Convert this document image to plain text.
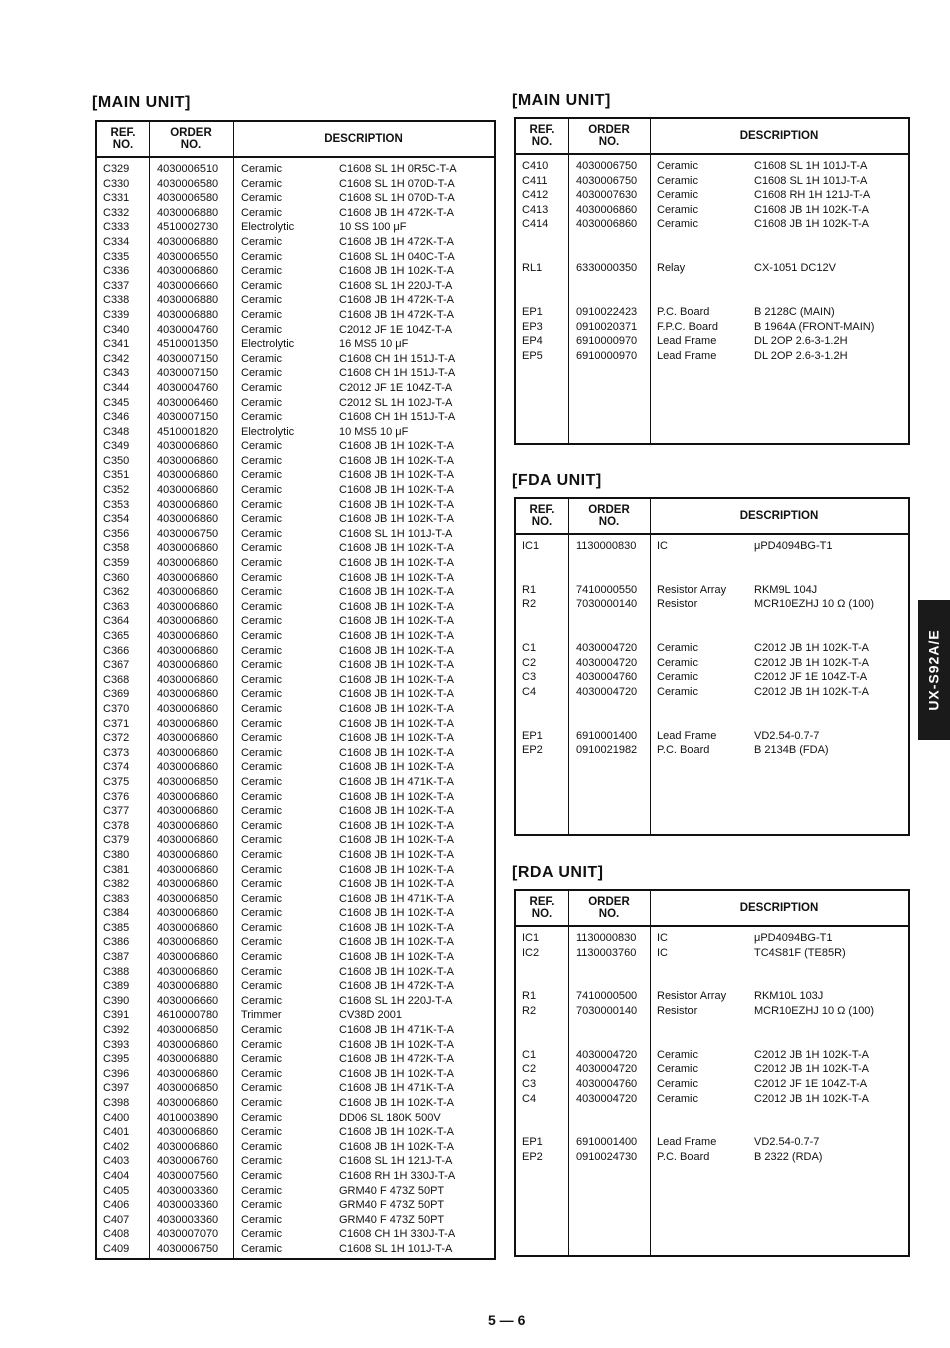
[MAIN UNIT]
REF.
NO.
ORDER
NO.	DESCRIPTION
C329	4030006510 Ceramic	C1608 SL 1H 0R5C-T-A
C330	4030006580 Ceramic	C1608 SL 1H 070D-T-A
C331	4030006580 Ceramic	C1608 SL 1H 070D-T-A
C332	4030006880 Ceramic	C1608 JB 1H 472K-T-A
C333	4510002730 Electrolytic	10 SS 100 μF
C334	4030006880 Ceramic	C1608 JB 1H 472K-T-A
C335	4030006550 Ceramic	C1608 SL 1H 040C-T-A
C336	4030006860 Ceramic	C1608 JB 1H 102K-T-A
C337	4030006660 Ceramic	C1608 SL 1H 220J-T-A
C338	4030006880 Ceramic	C1608 JB 1H 472K-T-A
C339	4030006880 Ceramic	C1608 JB 1H 472K-T-A
C340	4030004760 Ceramic	C2012 JF 1E 104Z-T-A
C341	4510001350 Electrolytic	16 MS5 10 μF
C342	4030007150 Ceramic	C1608 CH 1H 151J-T-A
C343	4030007150 Ceramic	C1608 CH 1H 151J-T-A
C344	4030004760 Ceramic	C2012 JF 1E 104Z-T-A
C345	4030006460 Ceramic	C2012 SL 1H 102J-T-A
C346	4030007150 Ceramic	C1608 CH 1H 151J-T-A
C348	4510001820 Electrolytic	10 MS5 10 μF
C349	4030006860 Ceramic	C1608 JB 1H 102K-T-A
C350	4030006860 Ceramic	C1608 JB 1H 102K-T-A
C351	4030006860 Ceramic	C1608 JB 1H 102K-T-A
C352	4030006860 Ceramic	C1608 JB 1H 102K-T-A
C353	4030006860 Ceramic	C1608 JB 1H 102K-T-A
C354	4030006860 Ceramic	C1608 JB 1H 102K-T-A
C356	4030006750 Ceramic	C1608 SL 1H 101J-T-A
C358	4030006860 Ceramic	C1608 JB 1H 102K-T-A
C359	4030006860 Ceramic	C1608 JB 1H 102K-T-A
C360	4030006860 Ceramic	C1608 JB 1H 102K-T-A
C362	4030006860 Ceramic	C1608 JB 1H 102K-T-A
C363	4030006860 Ceramic	C1608 JB 1H 102K-T-A
C364	4030006860 Ceramic	C1608 JB 1H 102K-T-A
C365	4030006860 Ceramic	C1608 JB 1H 102K-T-A
C366	4030006860 Ceramic	C1608 JB 1H 102K-T-A
C367	4030006860 Ceramic	C1608 JB 1H 102K-T-A
C368	4030006860 Ceramic	C1608 JB 1H 102K-T-A
C369	4030006860 Ceramic	C1608 JB 1H 102K-T-A
C370	4030006860 Ceramic	C1608 JB 1H 102K-T-A
C371	4030006860 Ceramic	C1608 JB 1H 102K-T-A
C372	4030006860 Ceramic	C1608 JB 1H 102K-T-A
C373	4030006860 Ceramic	C1608 JB 1H 102K-T-A
C374	4030006860 Ceramic	C1608 JB 1H 102K-T-A
C375	4030006850 Ceramic	C1608 JB 1H 471K-T-A
C376	4030006860 Ceramic	C1608 JB 1H 102K-T-A
C377	4030006860 Ceramic	C1608 JB 1H 102K-T-A
C378	4030006860 Ceramic	C1608 JB 1H 102K-T-A
C379	4030006860 Ceramic	C1608 JB 1H 102K-T-A
C380	4030006860 Ceramic	C1608 JB 1H 102K-T-A
C381	4030006860 Ceramic	C1608 JB 1H 102K-T-A
C382	4030006860 Ceramic	C1608 JB 1H 102K-T-A
C383	4030006850 Ceramic	C1608 JB 1H 471K-T-A
C384	4030006860 Ceramic	C1608 JB 1H 102K-T-A
C385	4030006860 Ceramic	C1608 JB 1H 102K-T-A
C386	4030006860 Ceramic	C1608 JB 1H 102K-T-A
C387	4030006860 Ceramic	C1608 JB 1H 102K-T-A
C388	4030006860 Ceramic	C1608 JB 1H 102K-T-A
C389	4030006880 Ceramic	C1608 JB 1H 472K-T-A
C390	4030006660 Ceramic	C1608 SL 1H 220J-T-A
C391	4610000780 Trimmer	CV38D 2001
C392	4030006850 Ceramic	C1608 JB 1H 471K-T-A
C393	4030006860 Ceramic	C1608 JB 1H 102K-T-A
C395	4030006880 Ceramic	C1608 JB 1H 472K-T-A
C396	4030006860 Ceramic	C1608 JB 1H 102K-T-A
C397	4030006850 Ceramic	C1608 JB 1H 471K-T-A
C398	4030006860 Ceramic	C1608 JB 1H 102K-T-A
C400	4010003890 Ceramic	DD06 SL 180K 500V
C401	4030006860 Ceramic	C1608 JB 1H 102K-T-A
C402	4030006860 Ceramic	C1608 JB 1H 102K-T-A
C403	4030006760 Ceramic	C1608 SL 1H 121J-T-A
C404	4030007560 Ceramic	C1608 RH 1H 330J-T-A
C405	4030003360 Ceramic	GRM40 F 473Z 50PT
C406	4030003360 Ceramic	GRM40 F 473Z 50PT
C407	4030003360 Ceramic	GRM40 F 473Z 50PT
C408	4030007070 Ceramic	C1608 CH 1H 330J-T-A
C409	4030006750 Ceramic	C1608 SL 1H 101J-T-A
[MAIN UNIT]
REF.
NO.
ORDER
NO.	DESCRIPTION
C410	4030006750 Ceramic	C1608 SL 1H 101J-T-A
C411	4030006750 Ceramic	C1608 SL 1H 101J-T-A
C412	4030007630 Ceramic	C1608 RH 1H 121J-T-A
C413	4030006860 Ceramic	C1608 JB 1H 102K-T-A
C414	4030006860 Ceramic	C1608 JB 1H 102K-T-A
RL1	6330000350 Relay	CX-1051 DC12V
EP1	0910022423 P.C. Board	B 2128C (MAIN)
EP3	0910020371 F.P.C. Board	B 1964A (FRONT-MAIN)
EP4	6910000970 Lead Frame	DL 2OP 2.6-3-1.2H
EP5	6910000970 Lead Frame	DL 2OP 2.6-3-1.2H
[FDA UNIT]
REF.
NO.
ORDER
NO.	DESCRIPTION
IC1	1130000830 IC	μPD4094BG-T1
R1	7410000550 Resistor Array	RKM9L 104J
R2	7030000140 Resistor	MCR10EZHJ 10 Ω (100)
C1	4030004720 Ceramic	C2012 JB 1H 102K-T-A
C2	4030004720 Ceramic	C2012 JB 1H 102K-T-A
C3	4030004760 Ceramic	C2012 JF 1E 104Z-T-A
C4	4030004720 Ceramic	C2012 JB 1H 102K-T-A
EP1	6910001400 Lead Frame	VD2.54-0.7-7
EP2	0910021982 P.C. Board	B 2134B (FDA)
[RDA UNIT]
REF.
NO.
ORDER
NO.	DESCRIPTION
IC1	1130000830 IC	μPD4094BG-T1
IC2	1130003760 IC	TC4S81F (TE85R)
R1	7410000500 Resistor Array	RKM10L 103J
R2	7030000140 Resistor	MCR10EZHJ 10 Ω (100)
C1	4030004720 Ceramic	C2012 JB 1H 102K-T-A
C2	4030004720 Ceramic	C2012 JB 1H 102K-T-A
C3	4030004760 Ceramic	C2012 JF 1E 104Z-T-A
C4	4030004720 Ceramic	C2012 JB 1H 102K-T-A
EP1	6910001400 Lead Frame	VD2.54-0.7-7
EP2	0910024730 P.C. Board	B 2322 (RDA)
UX-S92A/E
5 — 6
